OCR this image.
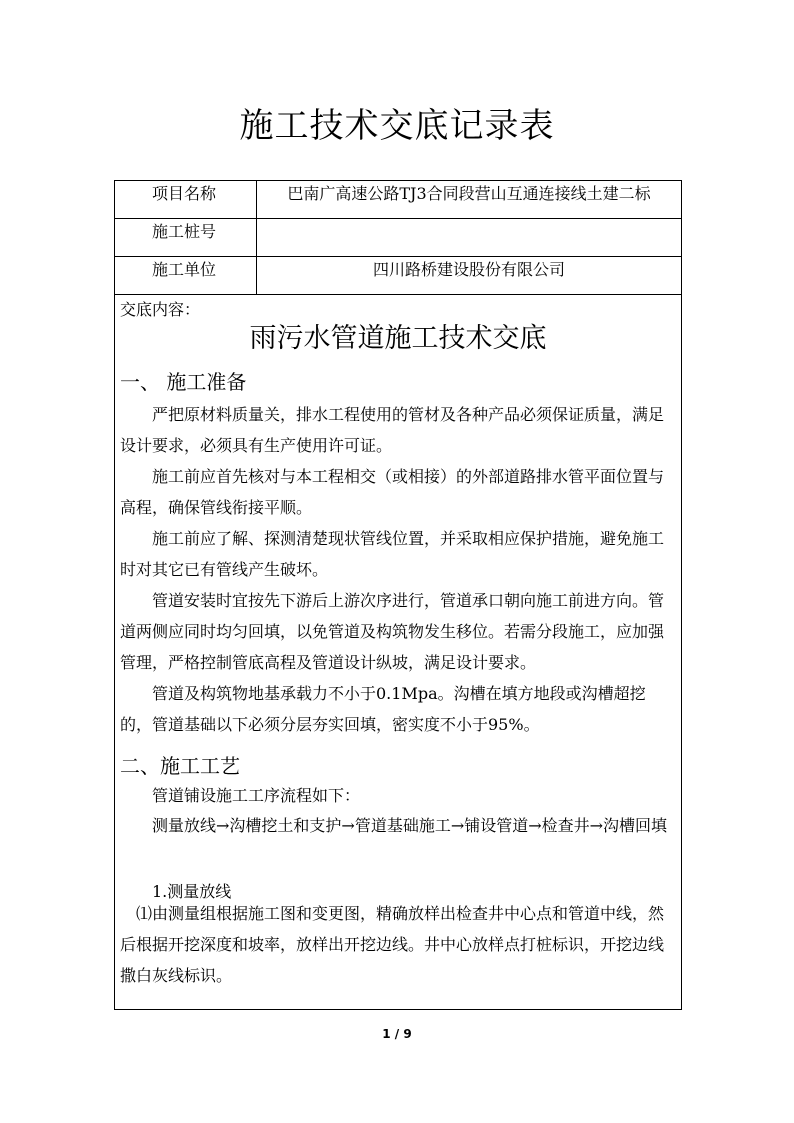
施工技术交底记录表
项目名称	巴南广高速公路TJ3合同段营山互通连接线土建二标
施工桩号
施工单位	四川路桥建设股份有限公司
交底内容：
雨污水管道施工技术交底
一、 施工准备
严把原材料质量关，排水工程使用的管材及各种产品必须保证质量，满足设计要求，必须具有生产使用许可证。
施工前应首先核对与本工程相交（或相接）的外部道路排水管平面位置与高程，确保管线衔接平顺。
施工前应了解、探测清楚现状管线位置，并采取相应保护措施，避免施工时对其它已有管线产生破坏。
管道安装时宜按先下游后上游次序进行，管道承口朝向施工前进方向。管道两侧应同时均匀回填，以免管道及构筑物发生移位。若需分段施工，应加强管理，严格控制管底高程及管道设计纵坡，满足设计要求。
管道及构筑物地基承载力不小于0.1Mpa。沟槽在填方地段或沟槽超挖的，管道基础以下必须分层夯实回填，密实度不小于95%。
二、施工工艺
管道铺设施工工序流程如下：
测量放线→沟槽挖土和支护→管道基础施工→铺设管道→检查井→沟槽回填
1.测量放线
⑴由测量组根据施工图和变更图，精确放样出检查井中心点和管道中线，然后根据开挖深度和坡率，放样出开挖边线。井中心放样点打桩标识，开挖边线撒白灰线标识。
1 / 9
